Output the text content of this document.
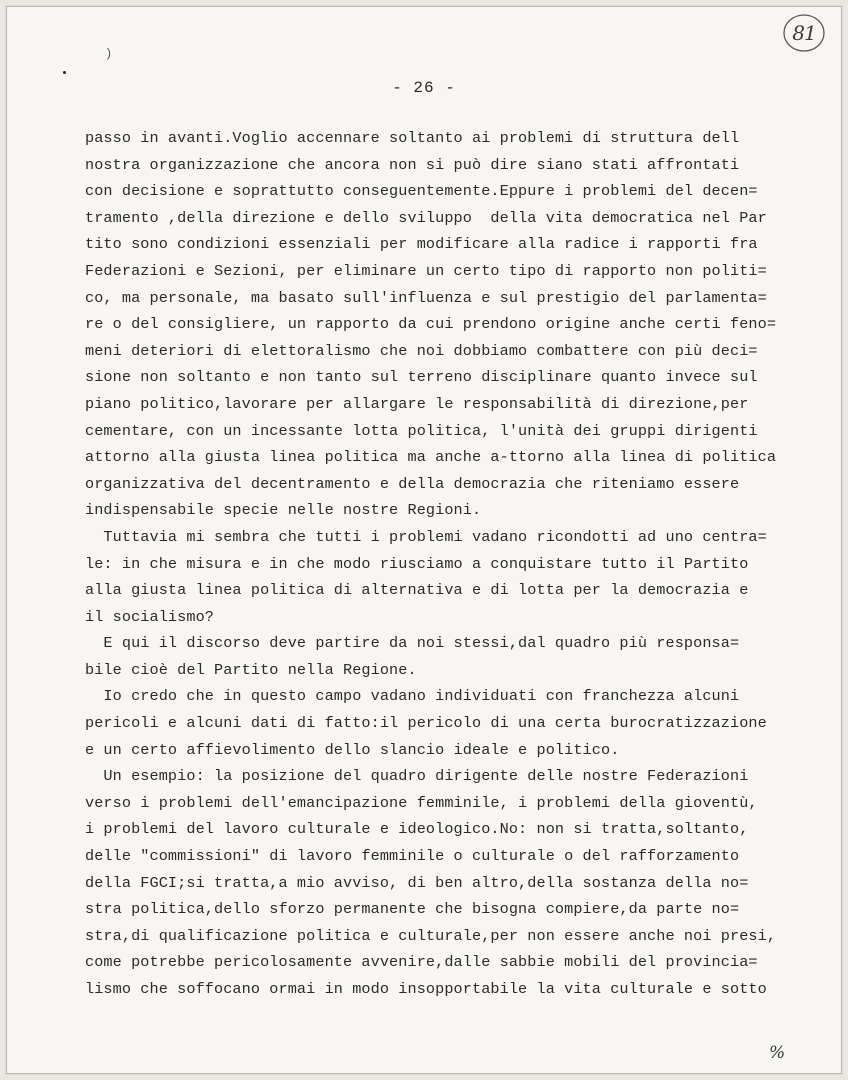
81
)
- 26 -
passo in avanti.Voglio accennare soltanto ai problemi di struttura dell
nostra organizzazione che ancora non si può dire siano stati affrontati
con decisione e soprattutto conseguentemente.Eppure i problemi del decen=
tramento ,della direzione e dello sviluppo  della vita democratica nel Par
tito sono condizioni essenziali per modificare alla radice i rapporti fra
Federazioni e Sezioni, per eliminare un certo tipo di rapporto non politi=
co, ma personale, ma basato sull'influenza e sul prestigio del parlamenta=
re o del consigliere, un rapporto da cui prendono origine anche certi feno=
meni deteriori di elettoralismo che noi dobbiamo combattere con più deci=
sione non soltanto e non tanto sul terreno disciplinare quanto invece sul
piano politico,lavorare per allargare le responsabilità di direzione,per
cementare, con un incessante lotta politica, l'unità dei gruppi dirigenti
attorno alla giusta linea politica ma anche a-ttorno alla linea di politica
organizzativa del decentramento e della democrazia che riteniamo essere
indispensabile specie nelle nostre Regioni.
Tuttavia mi sembra che tutti i problemi vadano ricondotti ad uno centra=
le: in che misura e in che modo riusciamo a conquistare tutto il Partito
alla giusta linea politica di alternativa e di lotta per la democrazia e
il socialismo?
E qui il discorso deve partire da noi stessi,dal quadro più responsa=
bile cioè del Partito nella Regione.
Io credo che in questo campo vadano individuati con franchezza alcuni
pericoli e alcuni dati di fatto:il pericolo di una certa burocratizzazione
e un certo affievolimento dello slancio ideale e politico.
Un esempio: la posizione del quadro dirigente delle nostre Federazioni
verso i problemi dell'emancipazione femminile, i problemi della gioventù,
i problemi del lavoro culturale e ideologico.No: non si tratta,soltanto,
delle "commissioni" di lavoro femminile o culturale o del rafforzamento
della FGCI;si tratta,a mio avviso, di ben altro,della sostanza della no=
stra politica,dello sforzo permanente che bisogna compiere,da parte no=
stra,di qualificazione politica e culturale,per non essere anche noi presi,
come potrebbe pericolosamente avvenire,dalle sabbie mobili del provincia=
lismo che soffocano ormai in modo insopportabile la vita culturale e sotto
%
